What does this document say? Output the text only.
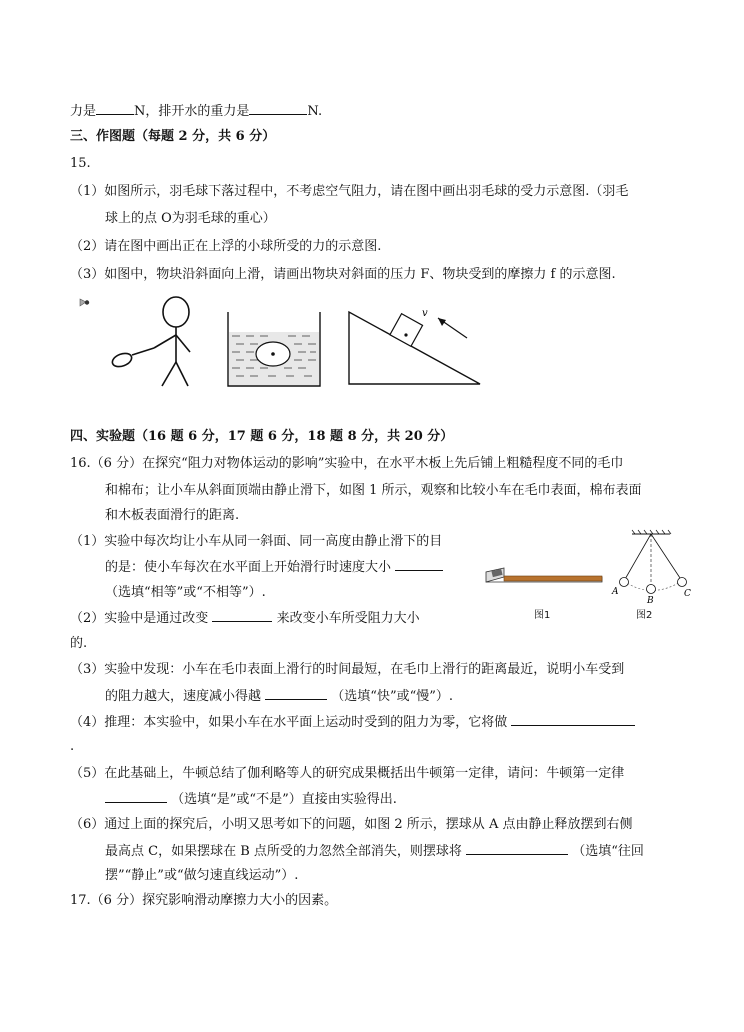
力是	N，排开水的重力是	N.
三、作图题（每题 2 分，共 6 分）
15.
（1）如图所示，羽毛球下落过程中，不考虑空气阻力，请在图中画出羽毛球的受力示意图.（羽毛
球上的点 O为羽毛球的重心）
（2）请在图中画出正在上浮的小球所受的力的示意图.
（3）如图中，物块沿斜面向上滑，请画出物块对斜面的压力 F、物块受到的摩擦力 f 的示意图.
v
四、实验题（16 题 6 分，17 题 6 分，18 题 8 分，共 20 分）
16.（6 分）在探究“阻力对物体运动的影响”实验中，在水平木板上先后铺上粗糙程度不同的毛巾
和棉布；让小车从斜面顶端由静止滑下，如图 1 所示，观察和比较小车在毛巾表面，棉布表面
和木板表面滑行的距离.
（1）实验中每次均让小车从同一斜面、同一高度由静止滑下的目
的是：使小车每次在水平面上开始滑行时速度大小
（选填“相等”或“不相等”）.	A
B
C
图1	图2
（2）实验中是通过改变	来改变小车所受阻力大小
的.
（3）实验中发现：小车在毛巾表面上滑行的时间最短，在毛巾上滑行的距离最近，说明小车受到
的阻力越大，速度减小得越	（选填“快”或“慢”）.
（4）推理：本实验中，如果小车在水平面上运动时受到的阻力为零，它将做
.
（5）在此基础上，牛顿总结了伽利略等人的研究成果概括出牛顿第一定律，请问：牛顿第一定律
（选填“是”或“不是”）直接由实验得出.
（6）通过上面的探究后，小明又思考如下的问题，如图 2 所示，摆球从 A 点由静止释放摆到右侧
最高点 C，如果摆球在 B 点所受的力忽然全部消失，则摆球将	（选填“往回
摆”“静止”或“做匀速直线运动”）.
17.（6 分）探究影响滑动摩擦力大小的因素。
